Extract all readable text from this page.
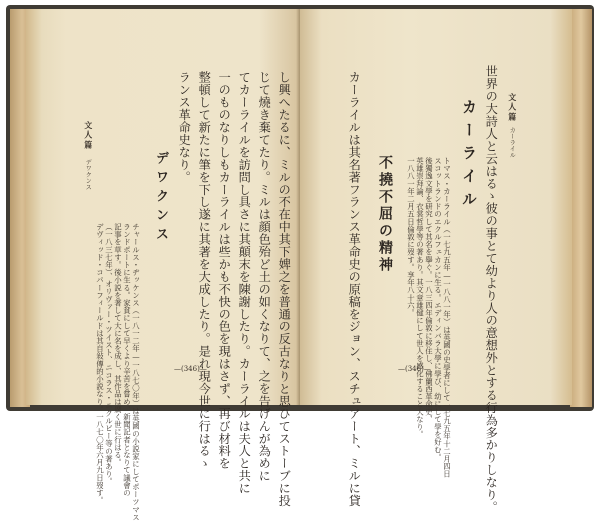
文人篇
デワクンス
デヴィッド・コパーフィールドは其自敍傳的小説なり。一八七〇年六月九日歿す。 （一八三七年）、オリヴァー・ツイスト、ニコラス・ニクルビー等の著あり。 記事を草す。後小説を著して大に名を成し、其作品は廣く世に行はる。 ランドポートに生る。家貧にして早くより辛苦を嘗め、新聞記者となりて議會の チャールス・ヂッケンス（一八一二年—一八七〇年）は英國の小説家にしてポーツマス
デワクンス
ランス革命史なり。 整頓して新たに筆を下し遂に其著を大成したり。是れ現今世に行はるゝ 一のものなりしもカーライルは些かも不快の色を現はさず、再び材料を てカーライルを訪問し具さに其顛末を陳謝したり。カーライルは夫人と共に じて燒き棄てたり。ミルは顔色殆ど土の如くなりて、之を告げんが為めに し興へたるに、ミルの不在中其下婢之を普通の反古なりと思ひてストーブに投
—(346)—
文人篇
カーライル
世界の大詩人と云はるゝ彼の事とて幼より人の意想外とする行為多かりしなり。
カーライル
トマス・カーライル（一七九五年—一八八一年）は英國の史學者にして一七九五年十二月四日
スコットランドのエクルフェカンに生る。エディンバラ大學に學び、幼にして學を好む。
後獨逸文學を研究して其名を擧ぐ。一八三四年倫敦に移住し、佛蘭西革命史、
英雄崇拜論、衣裳哲學等の著あり。其文章雄健にして世人を感化すること大なり。
一八八一年二月五日倫敦に歿す。享年八十六。
不撓不屈の精神
カーライルは其名著フランス革命史の原稿をジョン、スチュアート、ミルに貸	—(346)—
